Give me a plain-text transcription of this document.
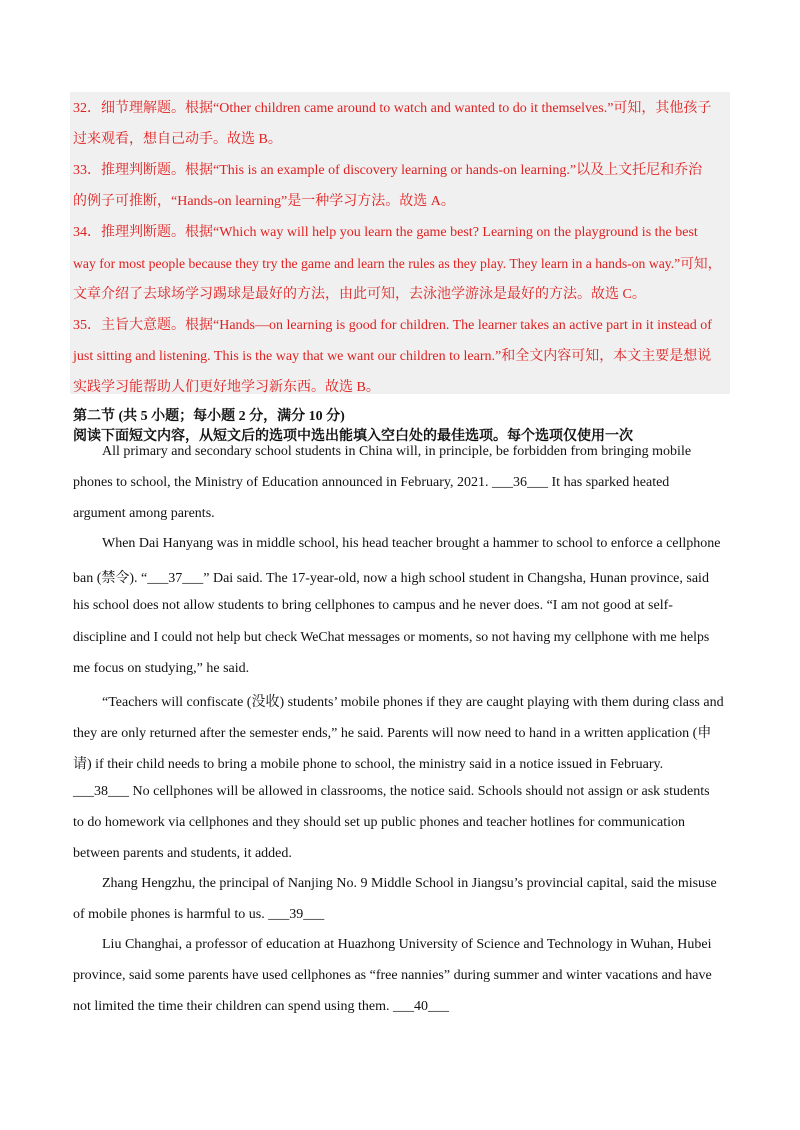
32．细节理解题。根据“Other children came around to watch and wanted to do it themselves.”可知，其他孩子
过来观看，想自己动手。故选 B。
33．推理判断题。根据“This is an example of discovery learning or hands-on learning.”以及上文托尼和乔治
的例子可推断，“Hands-on learning”是一种学习方法。故选 A。
34．推理判断题。根据“Which way will help you learn the game best? Learning on the playground is the best
way for most people because they try the game and learn the rules as they play. They learn in a hands-on way.”可知，
文章介绍了去球场学习踢球是最好的方法，由此可知，去泳池学游泳是最好的方法。故选 C。
35．主旨大意题。根据“Hands—on learning is good for children. The learner takes an active part in it instead of
just sitting and listening. This is the way that we want our children to learn.”和全文内容可知，本文主要是想说
实践学习能帮助人们更好地学习新东西。故选 B。
第二节 (共 5 小题；每小题 2 分，满分 10 分)
阅读下面短文内容，从短文后的选项中选出能填入空白处的最佳选项。每个选项仅使用一次
All primary and secondary school students in China will, in principle, be forbidden from bringing mobile
phones to school, the Ministry of Education announced in February, 2021. ___36___ It has sparked heated
argument among parents.
When Dai Hanyang was in middle school, his head teacher brought a hammer to school to enforce a cellphone
ban (禁令). “___37___” Dai said. The 17-year-old, now a high school student in Changsha, Hunan province, said
his school does not allow students to bring cellphones to campus and he never does. “I am not good at self-
discipline and I could not help but check WeChat messages or moments, so not having my cellphone with me helps
me focus on studying,” he said.
“Teachers will confiscate (没收) students’ mobile phones if they are caught playing with them during class and
they are only returned after the semester ends,” he said. Parents will now need to hand in a written application (申
请) if their child needs to bring a mobile phone to school, the ministry said in a notice issued in February.
___38___ No cellphones will be allowed in classrooms, the notice said. Schools should not assign or ask students
to do homework via cellphones and they should set up public phones and teacher hotlines for communication
between parents and students, it added.
Zhang Hengzhu, the principal of Nanjing No. 9 Middle School in Jiangsu’s provincial capital, said the misuse
of mobile phones is harmful to us. ___39___
Liu Changhai, a professor of education at Huazhong University of Science and Technology in Wuhan, Hubei
province, said some parents have used cellphones as “free nannies” during summer and winter vacations and have
not limited the time their children can spend using them. ___40___
